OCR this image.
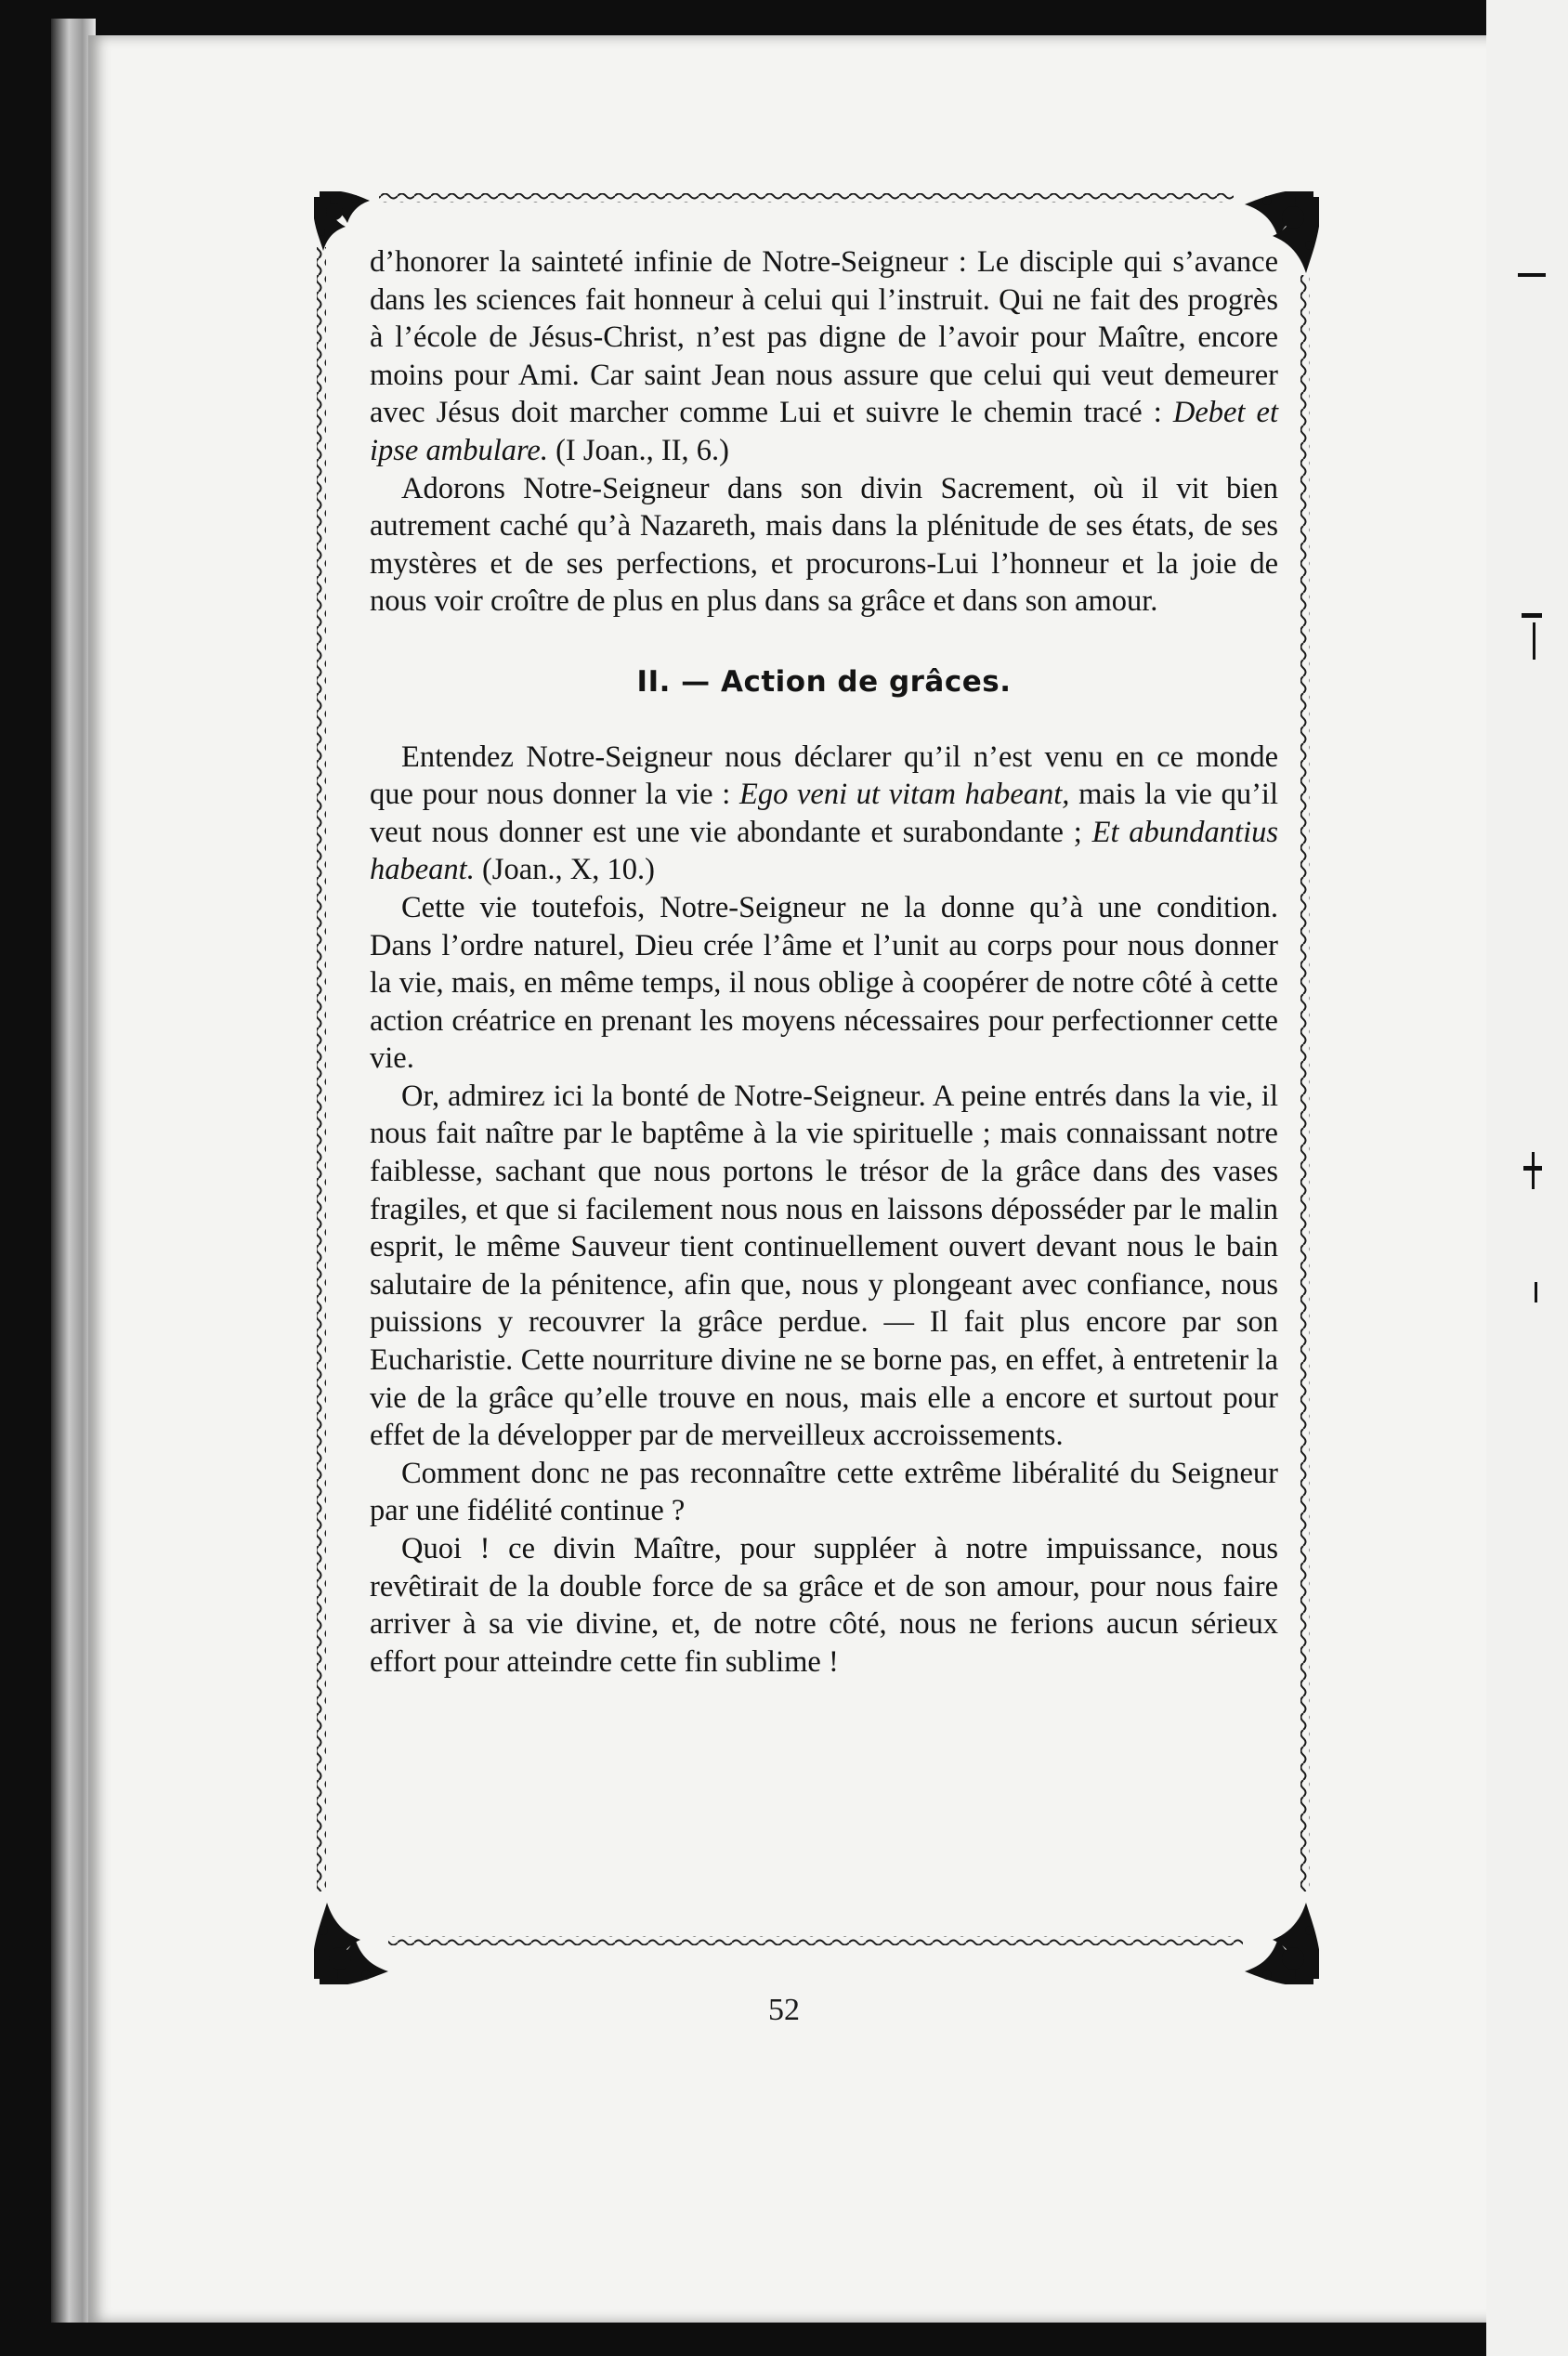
d’honorer la sainteté infinie de Notre-Seigneur : Le disciple qui s’avance dans les sciences fait honneur à celui qui l’instruit. Qui ne fait des progrès à l’école de Jésus-Christ, n’est pas digne de l’avoir pour Maître, encore moins pour Ami. Car saint Jean nous assure que celui qui veut demeurer avec Jésus doit marcher comme Lui et suivre le chemin tracé : Debet et ipse ambulare. (I Joan., II, 6.)

Adorons Notre-Seigneur dans son divin Sacrement, où il vit bien autrement caché qu’à Nazareth, mais dans la plénitude de ses états, de ses mystères et de ses perfections, et procurons-Lui l’honneur et la joie de nous voir croître de plus en plus dans sa grâce et dans son amour.

II. — Action de grâces.

Entendez Notre-Seigneur nous déclarer qu’il n’est venu en ce monde que pour nous donner la vie : Ego veni ut vitam habeant, mais la vie qu’il veut nous donner est une vie abondante et surabondante ; Et abundantius habeant. (Joan., X, 10.)

Cette vie toutefois, Notre-Seigneur ne la donne qu’à une condition. Dans l’ordre naturel, Dieu crée l’âme et l’unit au corps pour nous donner la vie, mais, en même temps, il nous oblige à coopérer de notre côté à cette action créatrice en prenant les moyens nécessaires pour perfectionner cette vie.

Or, admirez ici la bonté de Notre-Seigneur. A peine entrés dans la vie, il nous fait naître par le baptême à la vie spirituelle ; mais connaissant notre faiblesse, sachant que nous portons le trésor de la grâce dans des vases fragiles, et que si facilement nous nous en laissons déposséder par le malin esprit, le même Sauveur tient continuellement ouvert devant nous le bain salutaire de la pénitence, afin que, nous y plongeant avec confiance, nous puissions y recouvrer la grâce perdue. — Il fait plus encore par son Eucharistie. Cette nourriture divine ne se borne pas, en effet, à entretenir la vie de la grâce qu’elle trouve en nous, mais elle a encore et surtout pour effet de la développer par de merveilleux accroissements.

Comment donc ne pas reconnaître cette extrême libéralité du Seigneur par une fidélité continue ?

Quoi ! ce divin Maître, pour suppléer à notre impuissance, nous revêtirait de la double force de sa grâce et de son amour, pour nous faire arriver à sa vie divine, et, de notre côté, nous ne ferions aucun sérieux effort pour atteindre cette fin sublime !

52
